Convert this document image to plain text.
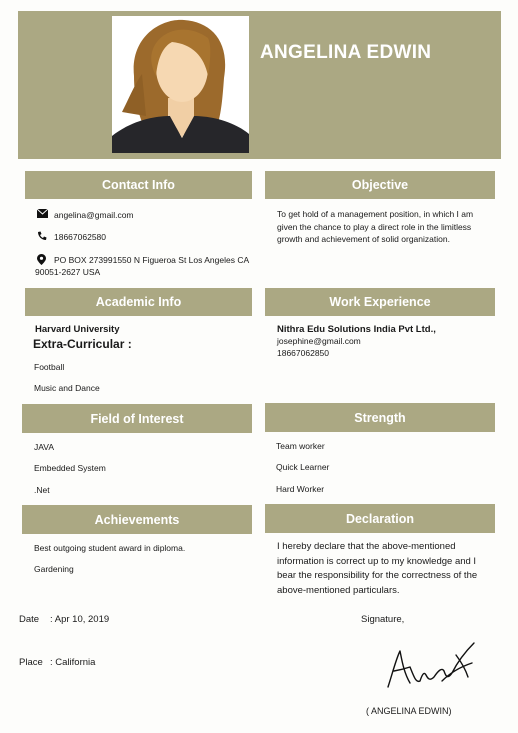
ANGELINA EDWIN
Contact Info
angelina@gmail.com
18667062580
PO BOX 273991550 N Figueroa St Los Angeles CA
90051-2627 USA
Objective
To get hold of a management position, in which I am
given the chance to play a direct role in the limitless
growth and achievement of solid organization.
Academic Info
Harvard University
Extra-Curricular :
Football
Music and Dance
Work Experience
Nithra Edu Solutions India Pvt Ltd.,
josephine@gmail.com
18667062850
Field of Interest
JAVA
Embedded System
.Net
Strength
Team worker
Quick Learner
Hard Worker
Achievements
Best outgoing student award in diploma.
Gardening
Declaration
I hereby declare that the above-mentioned
information is correct up to my knowledge and I
bear the responsibility for the correctness of the
above-mentioned particulars.
Date : Apr 10, 2019
Place : California
Signature,
( ANGELINA EDWIN)
